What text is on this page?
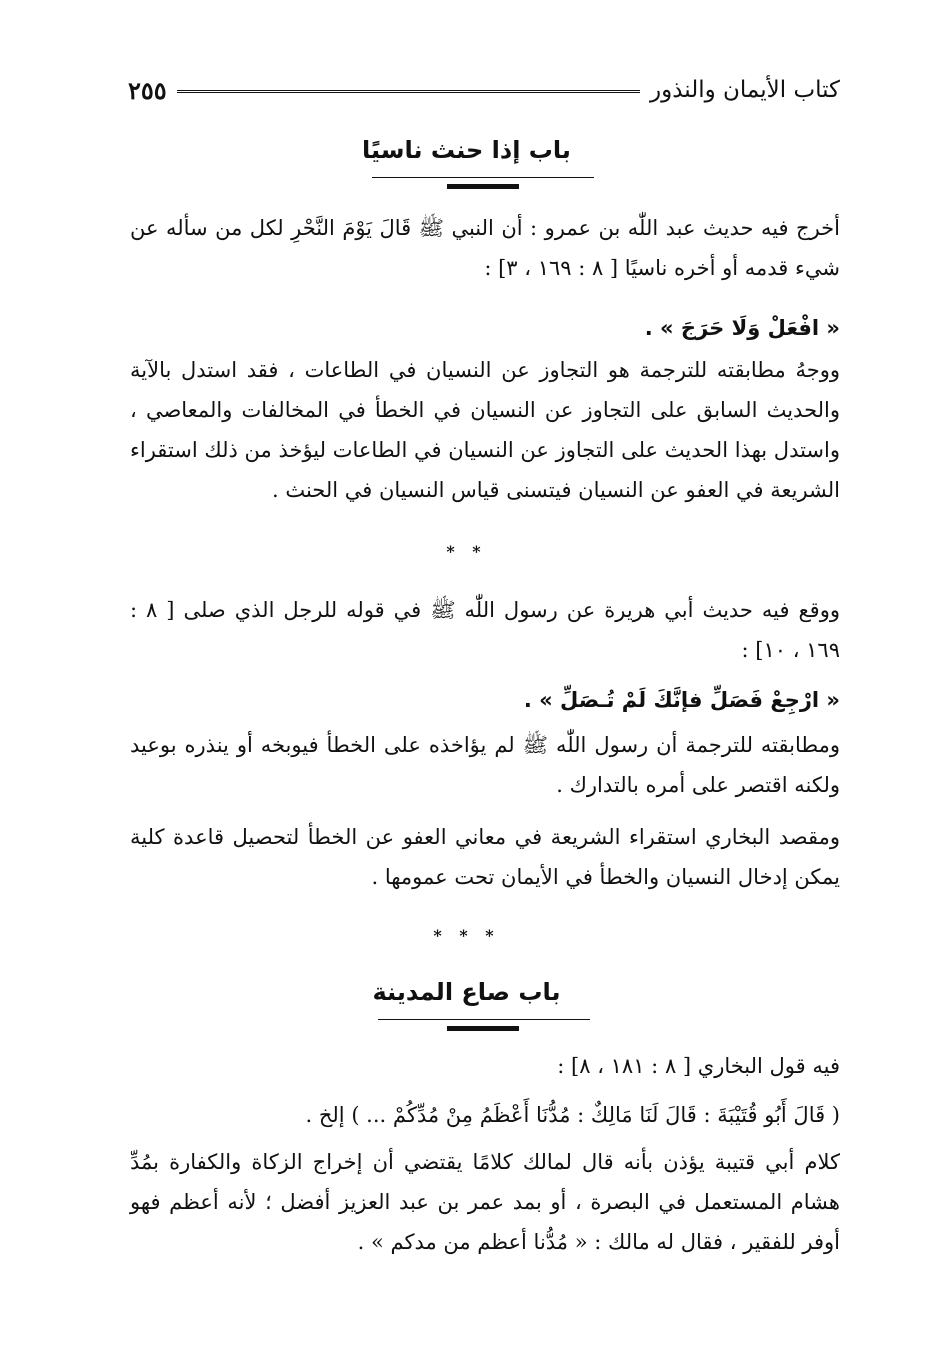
كتاب الأيمان والنذور
٢٥٥
باب إذا حنث ناسيًا
أخرج فيه حديث عبد اللّٰه بن عمرو : أن النبي ﷺ قَالَ يَوْمَ النَّحْرِ لكل من سأله عن شيء قدمه أو أخره ناسيًا [ ٨ : ١٦٩ ، ٣] :
« افْعَلْ وَلَا حَرَجَ » .
ووجهُ مطابقته للترجمة هو التجاوز عن النسيان في الطاعات ، فقد استدل بالآية والحديث السابق على التجاوز عن النسيان في الخطأ في المخالفات والمعاصي ، واستدل بهذا الحديث على التجاوز عن النسيان في الطاعات ليؤخذ من ذلك استقراء الشريعة في العفو عن النسيان فيتسنى قياس النسيان في الحنث .
* *
ووقع فيه حديث أبي هريرة عن رسول اللّٰه ﷺ في قوله للرجل الذي صلى [ ٨ : ١٦٩ ، ١٠] :
« ارْجِعْ فَصَلِّ فإنَّكَ لَمْ تُـصَلِّ » .
ومطابقته للترجمة أن رسول اللّٰه ﷺ لم يؤاخذه على الخطأ فيوبخه أو ينذره بوعيد ولكنه اقتصر على أمره بالتدارك .
ومقصد البخاري استقراء الشريعة في معاني العفو عن الخطأ لتحصيل قاعدة كلية يمكن إدخال النسيان والخطأ في الأيمان تحت عمومها .
* * *
باب صاع المدينة
فيه قول البخاري [ ٨ : ١٨١ ، ٨] :
( قَالَ أَبُو قُتَيْبَةَ : قَالَ لَنَا مَالِكٌ : مُدُّنَا أَعْظَمُ مِنْ مُدِّكُمْ ... ) إلخ .
كلام أبي قتيبة يؤذن بأنه قال لمالك كلامًا يقتضي أن إخراج الزكاة والكفارة بمُدِّ هشام المستعمل في البصرة ، أو بمد عمر بن عبد العزيز أفضل ؛ لأنه أعظم فهو أوفر للفقير ، فقال له مالك : « مُدُّنا أعظم من مدكم » .
